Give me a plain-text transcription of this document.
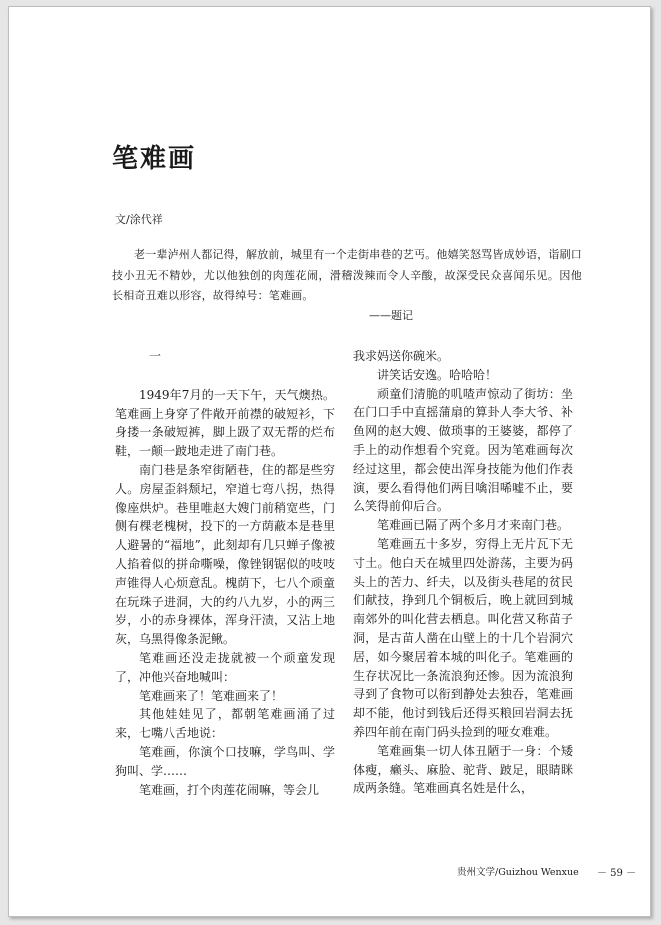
笔难画

文/涂代祥

老一辈泸州人都记得，解放前，城里有一个走街串巷的艺丐。他嬉笑怒骂皆成妙语，诣刷口技小丑无不精妙，尤以他独创的肉莲花闹，滑稽泼辣而令人辛酸，故深受民众喜闻乐见。因他长相奇丑难以形容，故得绰号：笔难画。

——题记

一

1949年7月的一天下午，天气燠热。笔难画上身穿了件敞开前襟的破短衫，下身搂一条破短裤，脚上趿了双无帮的烂布鞋，一颠一跛地走进了南门巷。

南门巷是条窄街陋巷，住的都是些穷人。房屋歪斜颓圮，窄道七弯八拐，热得像座烘炉。巷里唯赵大嫂门前稍宽些，门侧有棵老槐树，投下的一方荫蔽本是巷里人避暑的“福地”，此刻却有几只蝉子像被人掐着似的拼命嘶噪，像锉钢锯似的吱吱声锥得人心烦意乱。槐荫下，七八个顽童在玩珠子进洞，大的约八九岁，小的两三岁，小的赤身裸体，浑身汗渍，又沾上地灰，乌黑得像条泥鳅。

笔难画还没走拢就被一个顽童发现了，冲他兴奋地喊叫：

笔难画来了！笔难画来了！

其他娃娃见了，都朝笔难画涌了过来，七嘴八舌地说：

笔难画，你演个口技嘛，学鸟叫、学狗叫、学……

笔难画，打个肉莲花闹嘛，等会儿

我求妈送你碗米。

讲笑话安逸。哈哈哈！

顽童们清脆的叽喳声惊动了街坊：坐在门口手中直摇蒲扇的算卦人李大爷、补鱼网的赵大嫂、做琐事的王婆婆，都停了手上的动作想看个究竟。因为笔难画每次经过这里，都会使出浑身技能为他们作表演，要么看得他们两目噙泪唏嘘不止，要么笑得前仰后合。

笔难画已隔了两个多月才来南门巷。

笔难画五十多岁，穷得上无片瓦下无寸土。他白天在城里四处游荡，主要为码头上的苦力、纤夫，以及街头巷尾的贫民们献技，挣到几个铜板后，晚上就回到城南郊外的叫化营去栖息。叫化营又称苗子洞，是古苗人凿在山壁上的十几个岩洞穴居，如今聚居着本城的叫化子。笔难画的生存状况比一条流浪狗还惨。因为流浪狗寻到了食物可以衔到静处去独吞，笔难画却不能，他讨到钱后还得买粮回岩洞去抚养四年前在南门码头捡到的哑女难难。

笔难画集一切人体丑陋于一身：个矮体瘦，癞头、麻脸、驼背、跛足，眼睛眯成两条缝。笔难画真名姓是什么，

贵州文学/Guizhou Wenxue － 59 －
